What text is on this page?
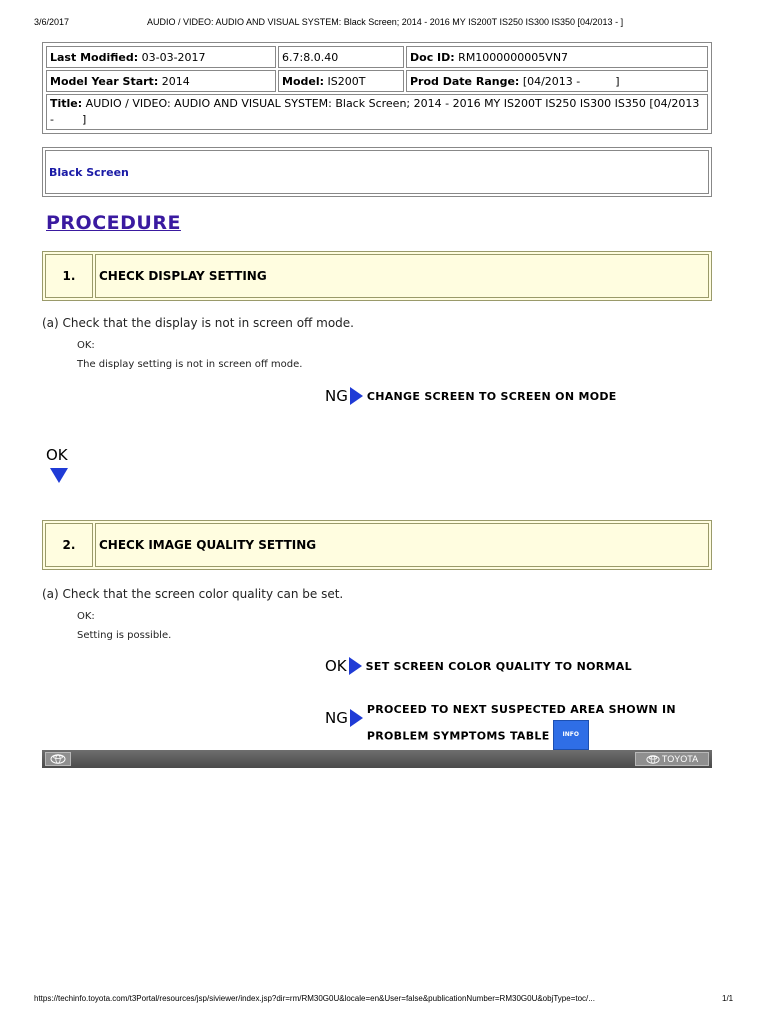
3/6/2017	AUDIO / VIDEO: AUDIO AND VISUAL SYSTEM: Black Screen; 2014 - 2016 MY IS200T IS250 IS300 IS350 [04/2013 - ]
Last Modified: 03-03-2017	6.7:8.0.40	Doc ID: RM1000000005VN7
Model Year Start: 2014	Model: IS200T	Prod Date Range: [04/2013 -          ]
Title: AUDIO / VIDEO: AUDIO AND VISUAL SYSTEM: Black Screen; 2014 - 2016 MY IS200T IS250 IS300 IS350 [04/2013 -        ]		
Black Screen
PROCEDURE
1.	CHECK DISPLAY SETTING
(a) Check that the display is not in screen off mode.
OK:
The display setting is not in screen off mode.
NG CHANGE SCREEN TO SCREEN ON MODE
OK
2.	CHECK IMAGE QUALITY SETTING
(a) Check that the screen color quality can be set.
OK:
Setting is possible.
OK SET SCREEN COLOR QUALITY TO NORMAL
NG PROCEED TO NEXT SUSPECTED AREA SHOWN IN
PROBLEM SYMPTOMS TABLE INFO
TOYOTA
https://techinfo.toyota.com/t3Portal/resources/jsp/siviewer/index.jsp?dir=rm/RM30G0U&locale=en&User=false&publicationNumber=RM30G0U&objType=toc/...	1/1
